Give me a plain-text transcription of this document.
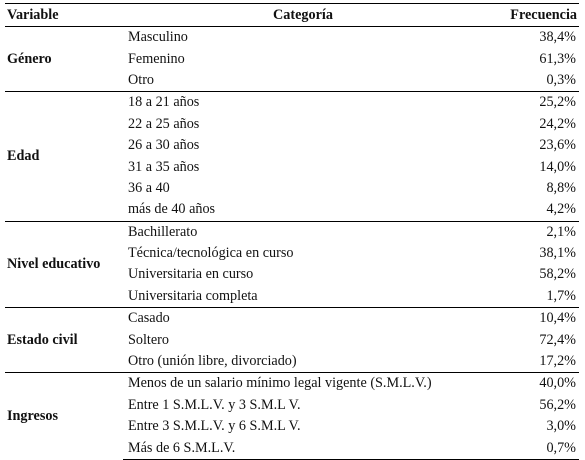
Variable	Categoría	Frecuencia
Género	Masculino	38,4%
	Femenino	61,3%
	Otro	0,3%
Edad	18 a 21 años	25,2%
	22 a 25 años	24,2%
	26 a 30 años	23,6%
	31 a 35 años	14,0%
	36 a 40	8,8%
	más de 40 años	4,2%
Nivel educativo	Bachillerato	2,1%
	Técnica/tecnológica en curso	38,1%
	Universitaria en curso	58,2%
	Universitaria completa	1,7%
Estado civil	Casado	10,4%
	Soltero	72,4%
	Otro (unión libre, divorciado)	17,2%
Ingresos	Menos de un salario mínimo legal vigente (S.M.L.V.)	40,0%
	Entre 1 S.M.L.V. y 3 S.M.L V.	56,2%
	Entre 3 S.M.L.V. y 6 S.M.L V.	3,0%
	Más de 6 S.M.L.V.	0,7%
